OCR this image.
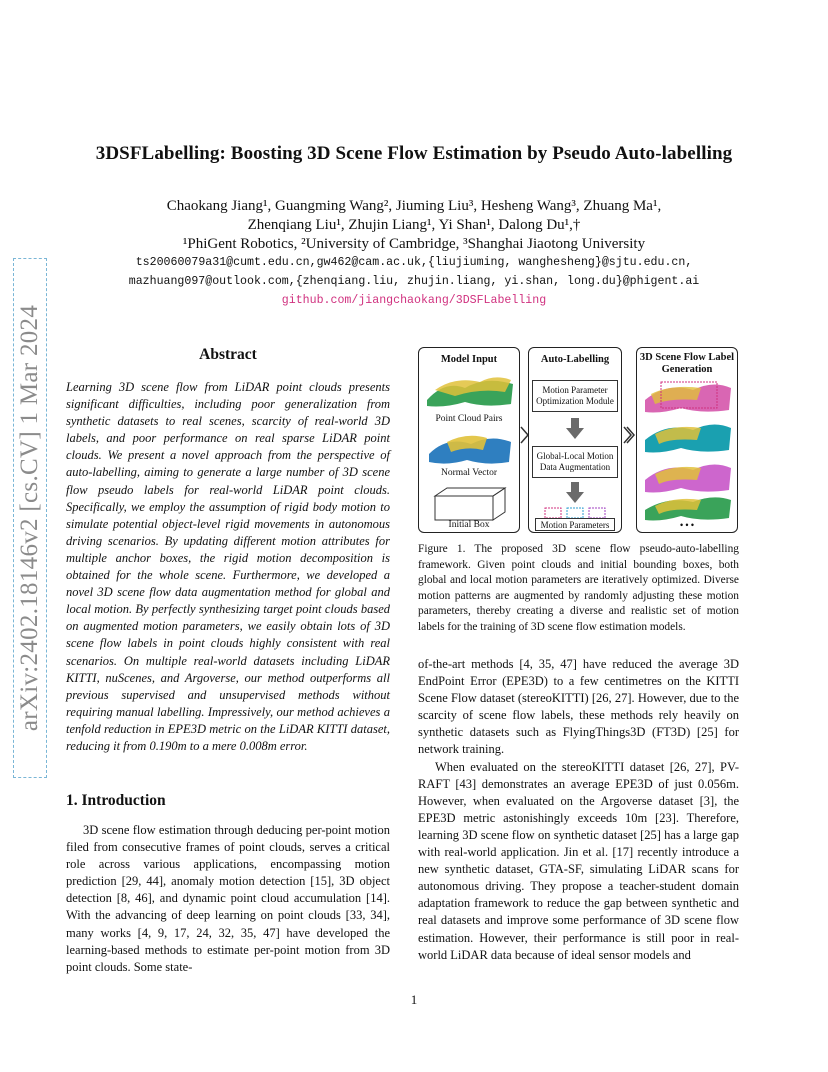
arXiv:2402.18146v2 [cs.CV] 1 Mar 2024
3DSFLabelling: Boosting 3D Scene Flow Estimation by Pseudo Auto-labelling
Chaokang Jiang¹, Guangming Wang², Jiuming Liu³, Hesheng Wang³, Zhuang Ma¹,
Zhenqiang Liu¹, Zhujin Liang¹, Yi Shan¹, Dalong Du¹,†
¹PhiGent Robotics, ²University of Cambridge, ³Shanghai Jiaotong University
ts20060079a31@cumt.edu.cn,gw462@cam.ac.uk,{liujiuming, wanghesheng}@sjtu.edu.cn,
mazhuang097@outlook.com,{zhenqiang.liu, zhujin.liang, yi.shan, long.du}@phigent.ai
github.com/jiangchaokang/3DSFLabelling
Abstract
Learning 3D scene flow from LiDAR point clouds presents significant difficulties, including poor generalization from synthetic datasets to real scenes, scarcity of real-world 3D labels, and poor performance on real sparse LiDAR point clouds. We present a novel approach from the perspective of auto-labelling, aiming to generate a large number of 3D scene flow pseudo labels for real-world LiDAR point clouds. Specifically, we employ the assumption of rigid body motion to simulate potential object-level rigid movements in autonomous driving scenarios. By updating different motion attributes for multiple anchor boxes, the rigid motion decomposition is obtained for the whole scene. Furthermore, we developed a novel 3D scene flow data augmentation method for global and local motion. By perfectly synthesizing target point clouds based on augmented motion parameters, we easily obtain lots of 3D scene flow labels in point clouds highly consistent with real scenarios. On multiple real-world datasets including LiDAR KITTI, nuScenes, and Argoverse, our method outperforms all previous supervised and unsupervised methods without requiring manual labelling. Impressively, our method achieves a tenfold reduction in EPE3D metric on the LiDAR KITTI dataset, reducing it from 0.190m to a mere 0.008m error.
1. Introduction

3D scene flow estimation through deducing per-point motion filed from consecutive frames of point clouds, serves a critical role across various applications, encompassing motion prediction [29, 44], anomaly motion detection [15], 3D object detection [8, 46], and dynamic point cloud accumulation [14]. With the advancing of deep learning on point clouds [33, 34], many works [4, 9, 17, 24, 32, 35, 47] have developed the learning-based methods to estimate per-point motion from 3D point clouds. Some state-

Model Input
Point Cloud Pairs
Normal Vector
Initial Box
Auto-Labelling
Motion Parameter Optimization Module
Global-Local Motion Data Augmentation
Motion Parameters
3D Scene Flow Label Generation
• • •
Figure 1. The proposed 3D scene flow pseudo-auto-labelling framework. Given point clouds and initial bounding boxes, both global and local motion parameters are iteratively optimized. Diverse motion patterns are augmented by randomly adjusting these motion parameters, thereby creating a diverse and realistic set of motion labels for the training of 3D scene flow estimation models.

of-the-art methods [4, 35, 47] have reduced the average 3D EndPoint Error (EPE3D) to a few centimetres on the KITTI Scene Flow dataset (stereoKITTI) [26, 27]. However, due to the scarcity of scene flow labels, these methods rely heavily on synthetic datasets such as FlyingThings3D (FT3D) [25] for network training.

When evaluated on the stereoKITTI dataset [26, 27], PV-RAFT [43] demonstrates an average EPE3D of just 0.056m. However, when evaluated on the Argoverse dataset [3], the EPE3D metric astonishingly exceeds 10m [23]. Therefore, learning 3D scene flow on synthetic dataset [25] has a large gap with real-world application. Jin et al. [17] recently introduce a new synthetic dataset, GTA-SF, simulating LiDAR scans for autonomous driving. They propose a teacher-student domain adaptation framework to reduce the gap between synthetic and real datasets and improve some performance of 3D scene flow estimation. However, their performance is still poor in real-world LiDAR data because of ideal sensor models and

1
